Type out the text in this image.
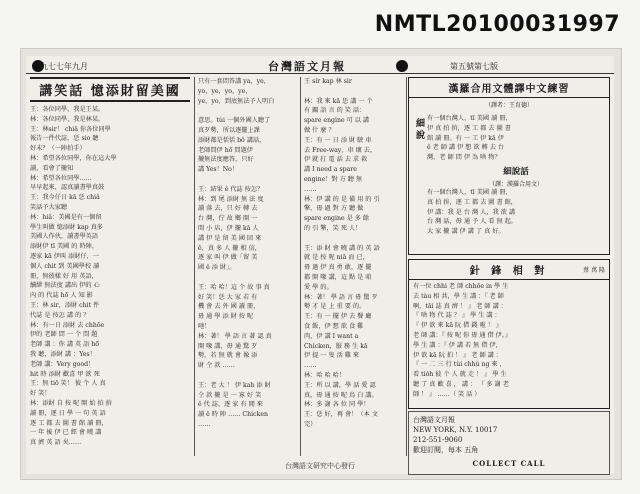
NMTL20100031997
一九七七年九月	台灣語文月報	第五號第七版
講笑話 憶添財留美國
王：各位同學，我是王某。
林：各位同學，我是林某。
王：林sir！ chiâ 你各位同學
報告一件代誌，恁 sio 聽
好未？（一陣拍手）
林：希望各位同學，你在這大學
讀，看會了攏知
林：希望各位同學……
早早起來，認真讀書學真鼓
王：我今仔日 kā 恁 chiâ
笑話予大家聽
林：hiâ：美國是有一個留
學生叫做 憶添財 kap 真多
美國人作伙，讀書學英語
添財伊 tī 美國 的 時陣，
逐家 kā 伊叫 添財仔，一
個人 chit 到 美國學校 讀
冊，無彼樣 好 用 英語，
續紲 無法度 講出 伊的 心
內 的 代誌 hō͘ 人 知 影
王：林 sir，添財 chit 件
代誌 是 按怎 講 的 ？
林：有一日 添財 去 chhōe
伊的 老師 問 一 个 問 題
老師 講 ：你 講 英 語 hō͘
我 聽，添財 講 ：Yes！
老師 講：Very good！
hit 時 添財 歡喜 甲 欲 死
王：無 tiō 笑！ 彼 个 人 真
好 笑！
林：添財 自 按 呢 開 始 拍 拚
讀 冊，逐 日 學 一 句 英 語
逐 工 都 去 圖 書 館 讀 冊，
一 年 後 伊 已 經 會 曉 講
真 濟 英 語 矣……
只有一套問答講 ya，ye，
yo，ye，yo，ye，
ye，yo，到底無法予人明白

意思。tùi 一個外國人聽了
真歹勢，所以逐擺上課
添財都是恬恬 bô 講話，
老師問伊 hō͘ 問題伊
攏無法度應答，只好
講 Yes！No！

王：結果 ê 代誌 按怎？
林：到 尾 添財 無 法 度
讀 落 去，只 好 轉 去
台 灣，佇 故 鄉 開 一
間 小 店，伊 攏 kā 人
講 伊 是 留 美 國 回 來
ê，真 多 人 攏 相 信，
逐 家 叫 伊 做「留 美
國 ê 添 財」。

王：哈 哈！這 个 故 事 真
好 笑！恁 大 家 若 有
機 會 去 外 國 讀 冊，
毋 通 學 添 財 按 呢
吔！
林：著！ 學 語 言 著 認 真
開 喙 講，毋 通 驚 歹
勢，若 無 就 會 像 添
財 仝 款 ……

王：老 大 ！ 伊 kah 添 財
仝 款 攏 是 一 寡 好 笑
ê 代 誌，逐 家 有 閒 來
讀 ê 時 陣 …… Chicken
……
王 sir kap 林 sir

林：我 來 kā 恁 講 一 个
有 關 語 言 的 笑 話：
spare engine 可 以 講
做 什 麼 ？
王：有 一 日 添 財 駛 車
去 Free-way，車 壞 去，
伊 就 打 電 話 去 求 救
講 I need a spare
engine！對 方 聽 無
……
林：伊 講 的 是 備 用 的 引
擎，毋 過 對 方 聽 做
spare engine 是 多 餘
的 引 擎，笑 死 人！

王：添 財 會 曉 講 的 英 語
就 是 按 呢 niā 而 已，
毋 過 伊 真 勇 敢，逐 擺
都 開 喙 講，這 點 是 咱
愛 學 的。
林：著！ 學 語 言 毋 驚 歹
勢 才 是 上 重 要 的。
王：有 一 擺 伊 去 餐 廳
食 飯，伊 想 欲 食 雞
肉，伊 講 I want a
Chicken，服 務 生 kā
伊 提 一 隻 活 雞 來
……
林：哈 哈 哈！
王：所 以 講，學 話 愛 認
真，毋 通 按 呢 烏 白 講。
林：多 謝 各 位 同 學！
王：恁 好，再 會！（本 文
完）
漢羅合用文體譯中文練習
（譯者：王育德）
細說 有一個台灣人，tī 美國 讀 冊，
伊 真 拍 拚，逐 工 都 去 圖 書
館 讀 冊。有 一 工 伊 kā 伊
ê 老 師 講 伊 想 欲 轉 去 台
灣，老 師 問 伊 為 啥 物？
細說話
（譯：漢羅合用文）
有一個台灣人，tī 美國 讀 冊，
真 拍 拚，逐 工 都 去 圖 書 館，
伊 講：我 是 台 灣 人，我 欲 講
台 灣 話，毋 通 予 人 看 無 起。
大 家 攏 講 伊 講 了 真 好。
針 鋒 相 對	蔡 萬 隆
有一位 chhi 老 師 chhōe in 學 生
去 tàu 相 共，學 生 講 ：『 老 師
啊，tāi 誌 真 濟 ！ 』 老 師 講 ：
『 啥 物 代 誌 ？ 』 學 生 講 ：
『 伊 欲 來 kā 阮 借 錢 啦 ！ 』
老 師 講：『 按 呢 你 毋 通 借 伊。』
學 生 講 ：『 伊 講 若 無 借 伊，
伊 欲 kā 阮 拍 ！ 』 老 師 講 ：
『 一 二 三 行 tùi chhù ng 來 ，
看 tio̍h 彼 个 人 就 走 ！ 』 學 生
聽 了 真 歡 喜 ， 講 ： 『 多 謝 老
師 ！ 』 ……（ 笑 話 ）
台灣語文月報
NEW YORK, N.Y. 10017
212-551-9060
歡迎訂閱，每本 五角
COLLECT CALL
台灣語文研究中心發行
